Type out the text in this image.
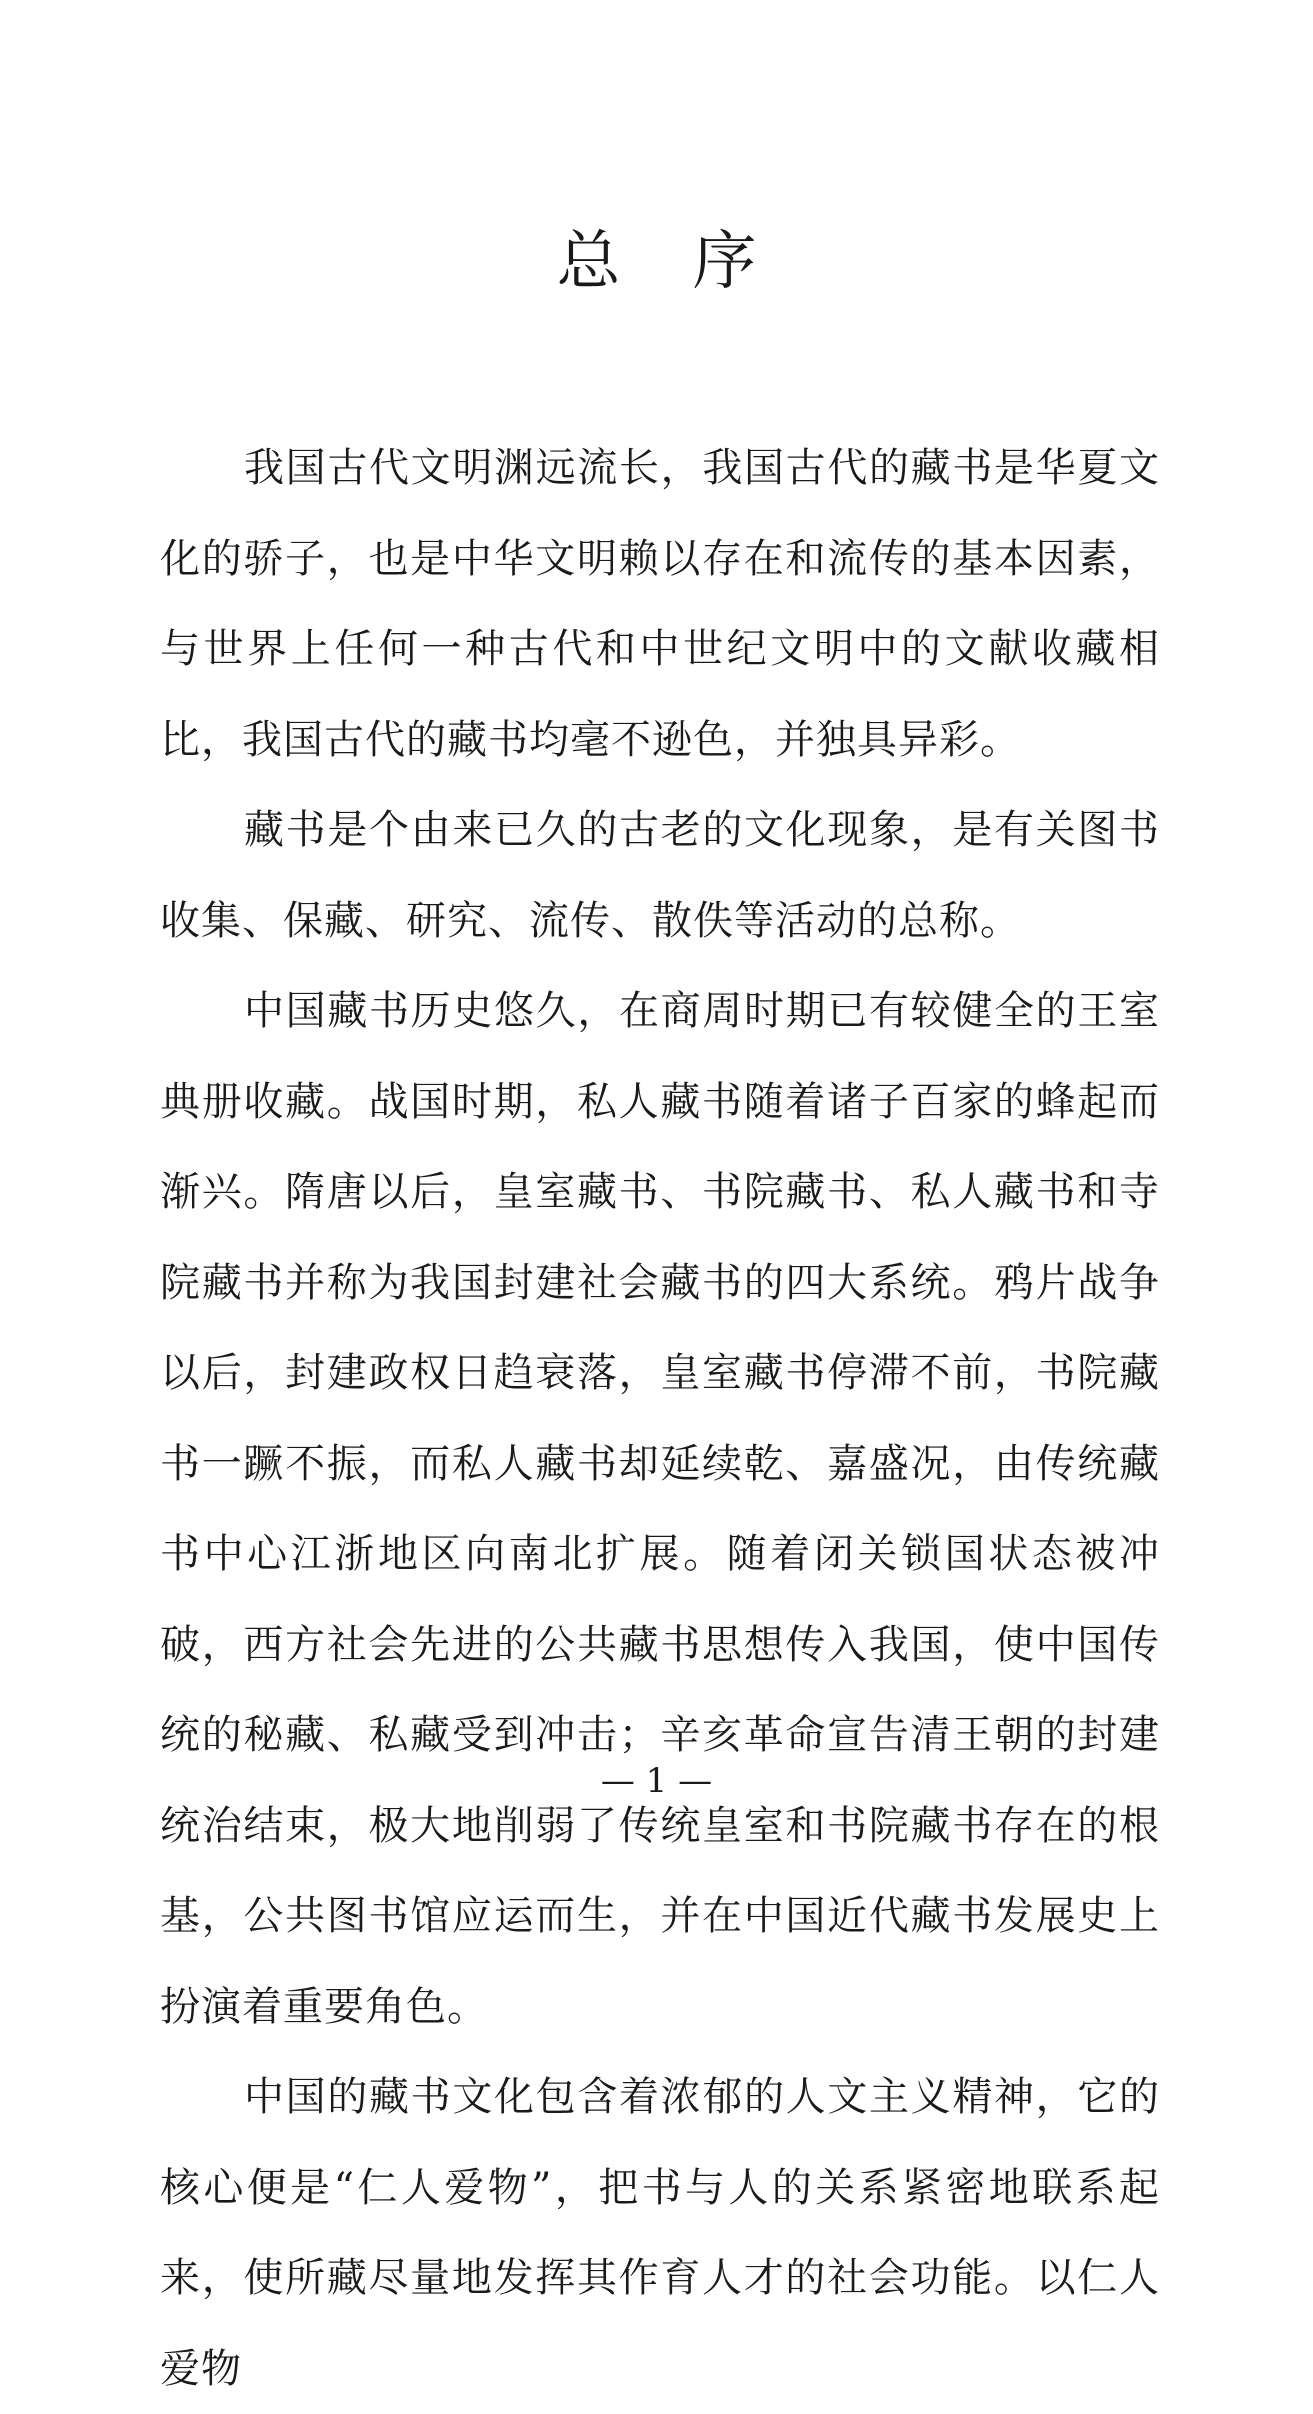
总序

我国古代文明渊远流长，我国古代的藏书是华夏文化的骄子，也是中华文明赖以存在和流传的基本因素，与世界上任何一种古代和中世纪文明中的文献收藏相比，我国古代的藏书均毫不逊色，并独具异彩。

藏书是个由来已久的古老的文化现象，是有关图书收集、保藏、研究、流传、散佚等活动的总称。

中国藏书历史悠久，在商周时期已有较健全的王室典册收藏。战国时期，私人藏书随着诸子百家的蜂起而渐兴。隋唐以后，皇室藏书、书院藏书、私人藏书和寺院藏书并称为我国封建社会藏书的四大系统。鸦片战争以后，封建政权日趋衰落，皇室藏书停滞不前，书院藏书一蹶不振，而私人藏书却延续乾、嘉盛况，由传统藏书中心江浙地区向南北扩展。随着闭关锁国状态被冲破，西方社会先进的公共藏书思想传入我国，使中国传统的秘藏、私藏受到冲击；辛亥革命宣告清王朝的封建统治结束，极大地削弱了传统皇室和书院藏书存在的根基，公共图书馆应运而生，并在中国近代藏书发展史上扮演着重要角色。

中国的藏书文化包含着浓郁的人文主义精神，它的核心便是“仁人爱物”，把书与人的关系紧密地联系起来，使所藏尽量地发挥其作育人才的社会功能。以仁人爱物

— 1 —
